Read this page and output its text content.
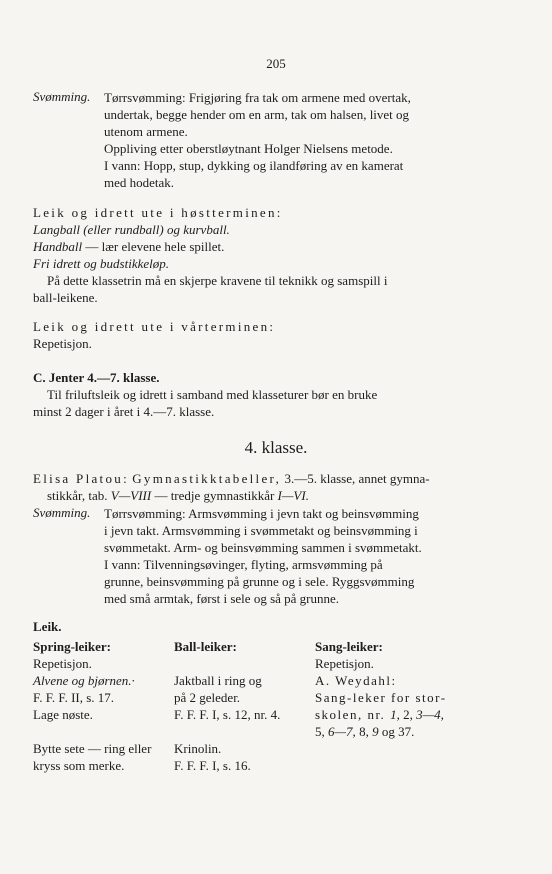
205
Svømming. Tørrsvømming: Frigjøring fra tak om armene med overtak,
undertak, begge hender om en arm, tak om halsen, livet og
utenom armene.
Oppliving etter oberstløytnant Holger Nielsens metode.
I vann: Hopp, stup, dykking og ilandføring av en kamerat
med hodetak.
Leik og idrett ute i høstterminen:
Langball (eller rundball) og kurvball.
Handball — lær elevene hele spillet.
Fri idrett og budstikkeløp.
På dette klassetrin må en skjerpe kravene til teknikk og samspill i
ball-leikene.
Leik og idrett ute i vårterminen:
Repetisjon.
C. Jenter 4.—7. klasse.
Til friluftsleik og idrett i samband med klasseturer bør en bruke
minst 2 dager i året i 4.—7. klasse.
4. klasse.
Elisa Platou: Gymnastikktabeller, 3.—5. klasse, annet gymna-
stikkår, tab. V—VIII — tredje gymnastikkår I—VI.
Svømming. Tørrsvømming: Armsvømming i jevn takt og beinsvømming
i jevn takt. Armsvømming i svømmetakt og beinsvømming i
svømmetakt. Arm- og beinsvømming sammen i svømmetakt.
I vann: Tilvenningsøvinger, flyting, armsvømming på
grunne, beinsvømming på grunne og i sele. Ryggsvømming
med små armtak, først i sele og så på grunne.
Leik.
Spring-leiker:
Repetisjon.
Alvene og bjørnen.·
F. F. F. II, s. 17.
Lage nøste.
Bytte sete — ring eller
kryss som merke.
Ball-leiker:
Jaktball i ring og
på 2 geleder.
F. F. F. I, s. 12, nr. 4.
Krinolin.
F. F. F. I, s. 16.
Sang-leiker:
Repetisjon.
A. Weydahl:
Sang-leker for stor-
skolen, nr. 1, 2, 3—4,
5, 6—7, 8, 9 og 37.
